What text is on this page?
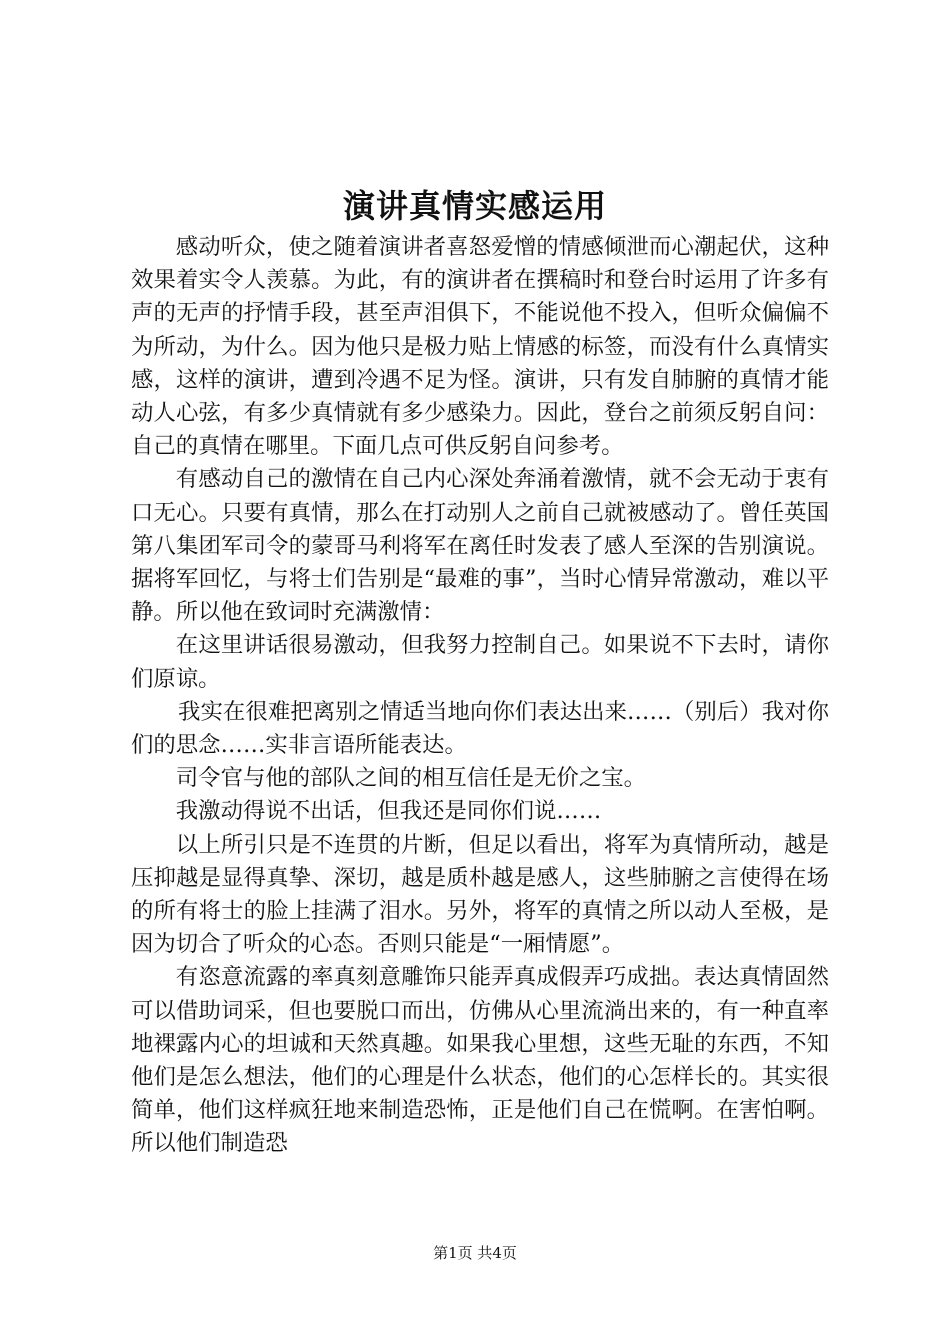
演讲真情实感运用

感动听众，使之随着演讲者喜怒爱憎的情感倾泄而心潮起伏，这种效果着实令人羡慕。为此，有的演讲者在撰稿时和登台时运用了许多有声的无声的抒情手段，甚至声泪俱下，不能说他不投入，但听众偏偏不为所动，为什么。因为他只是极力贴上情感的标签，而没有什么真情实感，这样的演讲，遭到冷遇不足为怪。演讲，只有发自肺腑的真情才能动人心弦，有多少真情就有多少感染力。因此，登台之前须反躬自问：自己的真情在哪里。下面几点可供反躬自问参考。

有感动自己的激情在自己内心深处奔涌着激情，就不会无动于衷有口无心。只要有真情，那么在打动别人之前自己就被感动了。曾任英国第八集团军司令的蒙哥马利将军在离任时发表了感人至深的告别演说。据将军回忆，与将士们告别是“最难的事”，当时心情异常激动，难以平静。所以他在致词时充满激情：

在这里讲话很易激动，但我努力控制自己。如果说不下去时，请你们原谅。

我实在很难把离别之情适当地向你们表达出来……（别后）我对你们的思念……实非言语所能表达。

司令官与他的部队之间的相互信任是无价之宝。

我激动得说不出话，但我还是同你们说……

以上所引只是不连贯的片断，但足以看出，将军为真情所动，越是压抑越是显得真挚、深切，越是质朴越是感人，这些肺腑之言使得在场的所有将士的脸上挂满了泪水。另外，将军的真情之所以动人至极，是因为切合了听众的心态。否则只能是“一厢情愿”。

有恣意流露的率真刻意雕饰只能弄真成假弄巧成拙。表达真情固然可以借助词采，但也要脱口而出，仿佛从心里流淌出来的，有一种直率地裸露内心的坦诚和天然真趣。如果我心里想，这些无耻的东西，不知他们是怎么想法，他们的心理是什么状态，他们的心怎样长的。其实很简单，他们这样疯狂地来制造恐怖，正是他们自己在慌啊。在害怕啊。所以他们制造恐

第1页 共4页
